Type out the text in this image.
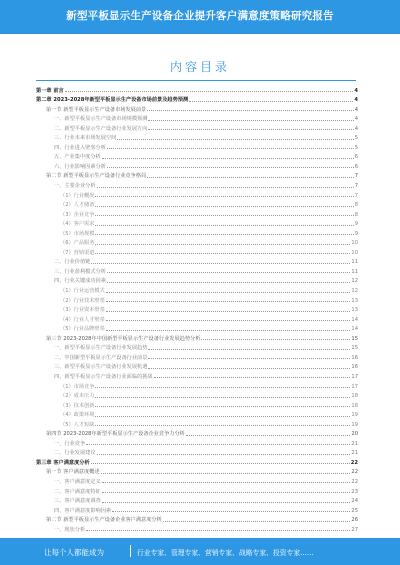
新型平板显示生产设备企业提升客户满意度策略研究报告
内容目录
第一章 前言	4
第二章 2023-2028年新型平板显示生产设备市场前景及趋势预测	4
第一节 新型平板显示生产设备市场发展前景	4
一、新型平板显示生产设备市场规模预测	4
二、新型平板显示生产设备行业发展方向	4
三、行业未来市场发展空间	5
四、行业进入壁垒分析	5
五、产业集中度分析	6
六、行业影响因素分析	6
第二节 新型平板显示生产设备行业竞争格局	7
一、主要企业分析	7
（1）行业概况	7
（2）人才储备	8
（3）企业竞争	8
（4）客户需求	9
（5）市场规模	9
（6）产品服务	10
（7）营销渠道	10
二、行业价值链	11
三、行业盈利模式分析	11
四、行业关键成功因素	12
（1）行业运营模式	12
（2）行业技术壁垒	13
（3）行业资本壁垒	13
（4）行业人才壁垒	14
（5）行业品牌壁垒	14
第三节 2023-2028年中国新型平板显示生产设备行业发展趋势分析	15
一、新型平板显示生产设备行业发展趋势	15
二、中国新型平板显示生产设备行业前景	16
三、新型平板显示生产设备行业发展机遇	16
四、新型平板显示生产设备行业面临的挑战	17
（1）市场竞争	17
（2）成本压力	18
（3）技术创新	18
（4）政策环境	19
（5）人才短缺	19
第四节 2023-2028年新型平板显示生产设备企业竞争力分析	20
一、行业竞争	21
二、行业发展建议	21
第三章 客户满意度分析	22
第一节 客户满意度概述	22
一、客户满意度定义	22
二、客户满意度特征	23
三、客户满意度调查	24
四、客户满意度影响因素	25
第二节 新型平板显示生产设备企业客户满意度分析	26
一、现状分析	27
让每个人都能成为	行业专家、管理专家、营销专家、战略专家、投资专家……
